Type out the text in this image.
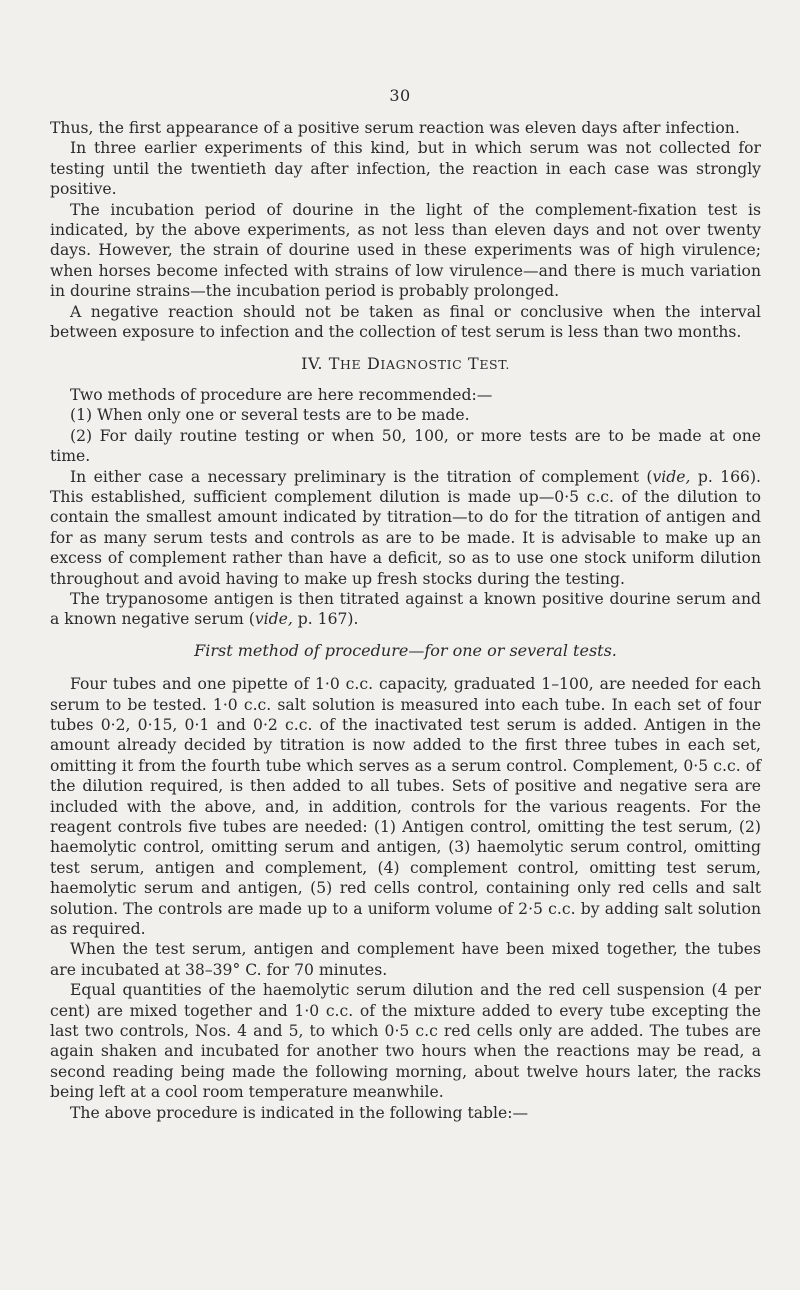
30

Thus, the first appearance of a positive serum reaction was eleven days after infection.

In three earlier experiments of this kind, but in which serum was not collected for testing until the twentieth day after infection, the reaction in each case was strongly positive.

The incubation period of dourine in the light of the complement-fixation test is indicated, by the above experiments, as not less than eleven days and not over twenty days. However, the strain of dourine used in these experiments was of high virulence; when horses become infected with strains of low virulence—and there is much variation in dourine strains—the incubation period is probably prolonged.

A negative reaction should not be taken as final or conclusive when the interval between exposure to infection and the collection of test serum is less than two months.

IV. THE DIAGNOSTIC TEST.

Two methods of procedure are here recommended:—

(1) When only one or several tests are to be made.

(2) For daily routine testing or when 50, 100, or more tests are to be made at one time.

In either case a necessary preliminary is the titration of complement (vide, p. 166). This established, sufficient complement dilution is made up—0·5 c.c. of the dilution to contain the smallest amount indicated by titration—to do for the titration of antigen and for as many serum tests and controls as are to be made. It is advisable to make up an excess of complement rather than have a deficit, so as to use one stock uniform dilution throughout and avoid having to make up fresh stocks during the testing.

The trypanosome antigen is then titrated against a known positive dourine serum and a known negative serum (vide, p. 167).

First method of procedure—for one or several tests.

Four tubes and one pipette of 1·0 c.c. capacity, graduated 1–100, are needed for each serum to be tested. 1·0 c.c. salt solution is measured into each tube. In each set of four tubes 0·2, 0·15, 0·1 and 0·2 c.c. of the inactivated test serum is added. Antigen in the amount already decided by titration is now added to the first three tubes in each set, omitting it from the fourth tube which serves as a serum control. Complement, 0·5 c.c. of the dilution required, is then added to all tubes. Sets of positive and negative sera are included with the above, and, in addition, controls for the various reagents. For the reagent controls five tubes are needed: (1) Antigen control, omitting the test serum, (2) haemolytic control, omitting serum and antigen, (3) haemolytic serum control, omitting test serum, antigen and complement, (4) complement control, omitting test serum, haemolytic serum and antigen, (5) red cells control, containing only red cells and salt solution. The controls are made up to a uniform volume of 2·5 c.c. by adding salt solution as required.

When the test serum, antigen and complement have been mixed together, the tubes are incubated at 38–39° C. for 70 minutes.

Equal quantities of the haemolytic serum dilution and the red cell suspension (4 per cent) are mixed together and 1·0 c.c. of the mixture added to every tube excepting the last two controls, Nos. 4 and 5, to which 0·5 c.c red cells only are added. The tubes are again shaken and incubated for another two hours when the reactions may be read, a second reading being made the following morning, about twelve hours later, the racks being left at a cool room temperature meanwhile.

The above procedure is indicated in the following table:—
